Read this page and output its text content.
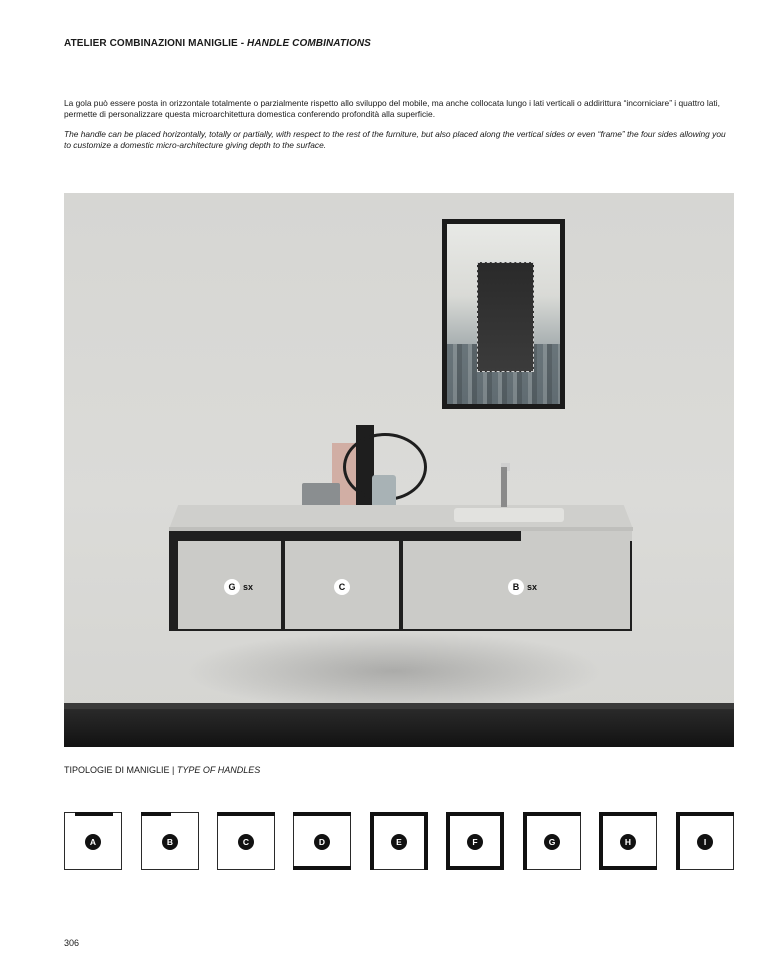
ATELIER COMBINAZIONI MANIGLIE - HANDLE COMBINATIONS
La gola può essere posta in orizzontale totalmente o parzialmente rispetto allo sviluppo del mobile, ma anche collocata lungo i lati verticali o addirittura “incorniciare” i quattro lati, permette di personalizzare questa microarchitettura domestica conferendo profondità alla superficie.
The handle can be placed horizontally, totally or partially, with respect to the rest of the furniture, but also placed along the vertical sides or even “frame” the four sides allowing you to customize a domestic micro-architecture giving depth to the surface.
G sx	C	B sx
TIPOLOGIE DI MANIGLIE | TYPE OF HANDLES
A	B	C	D	E	F	G	H	I
306
